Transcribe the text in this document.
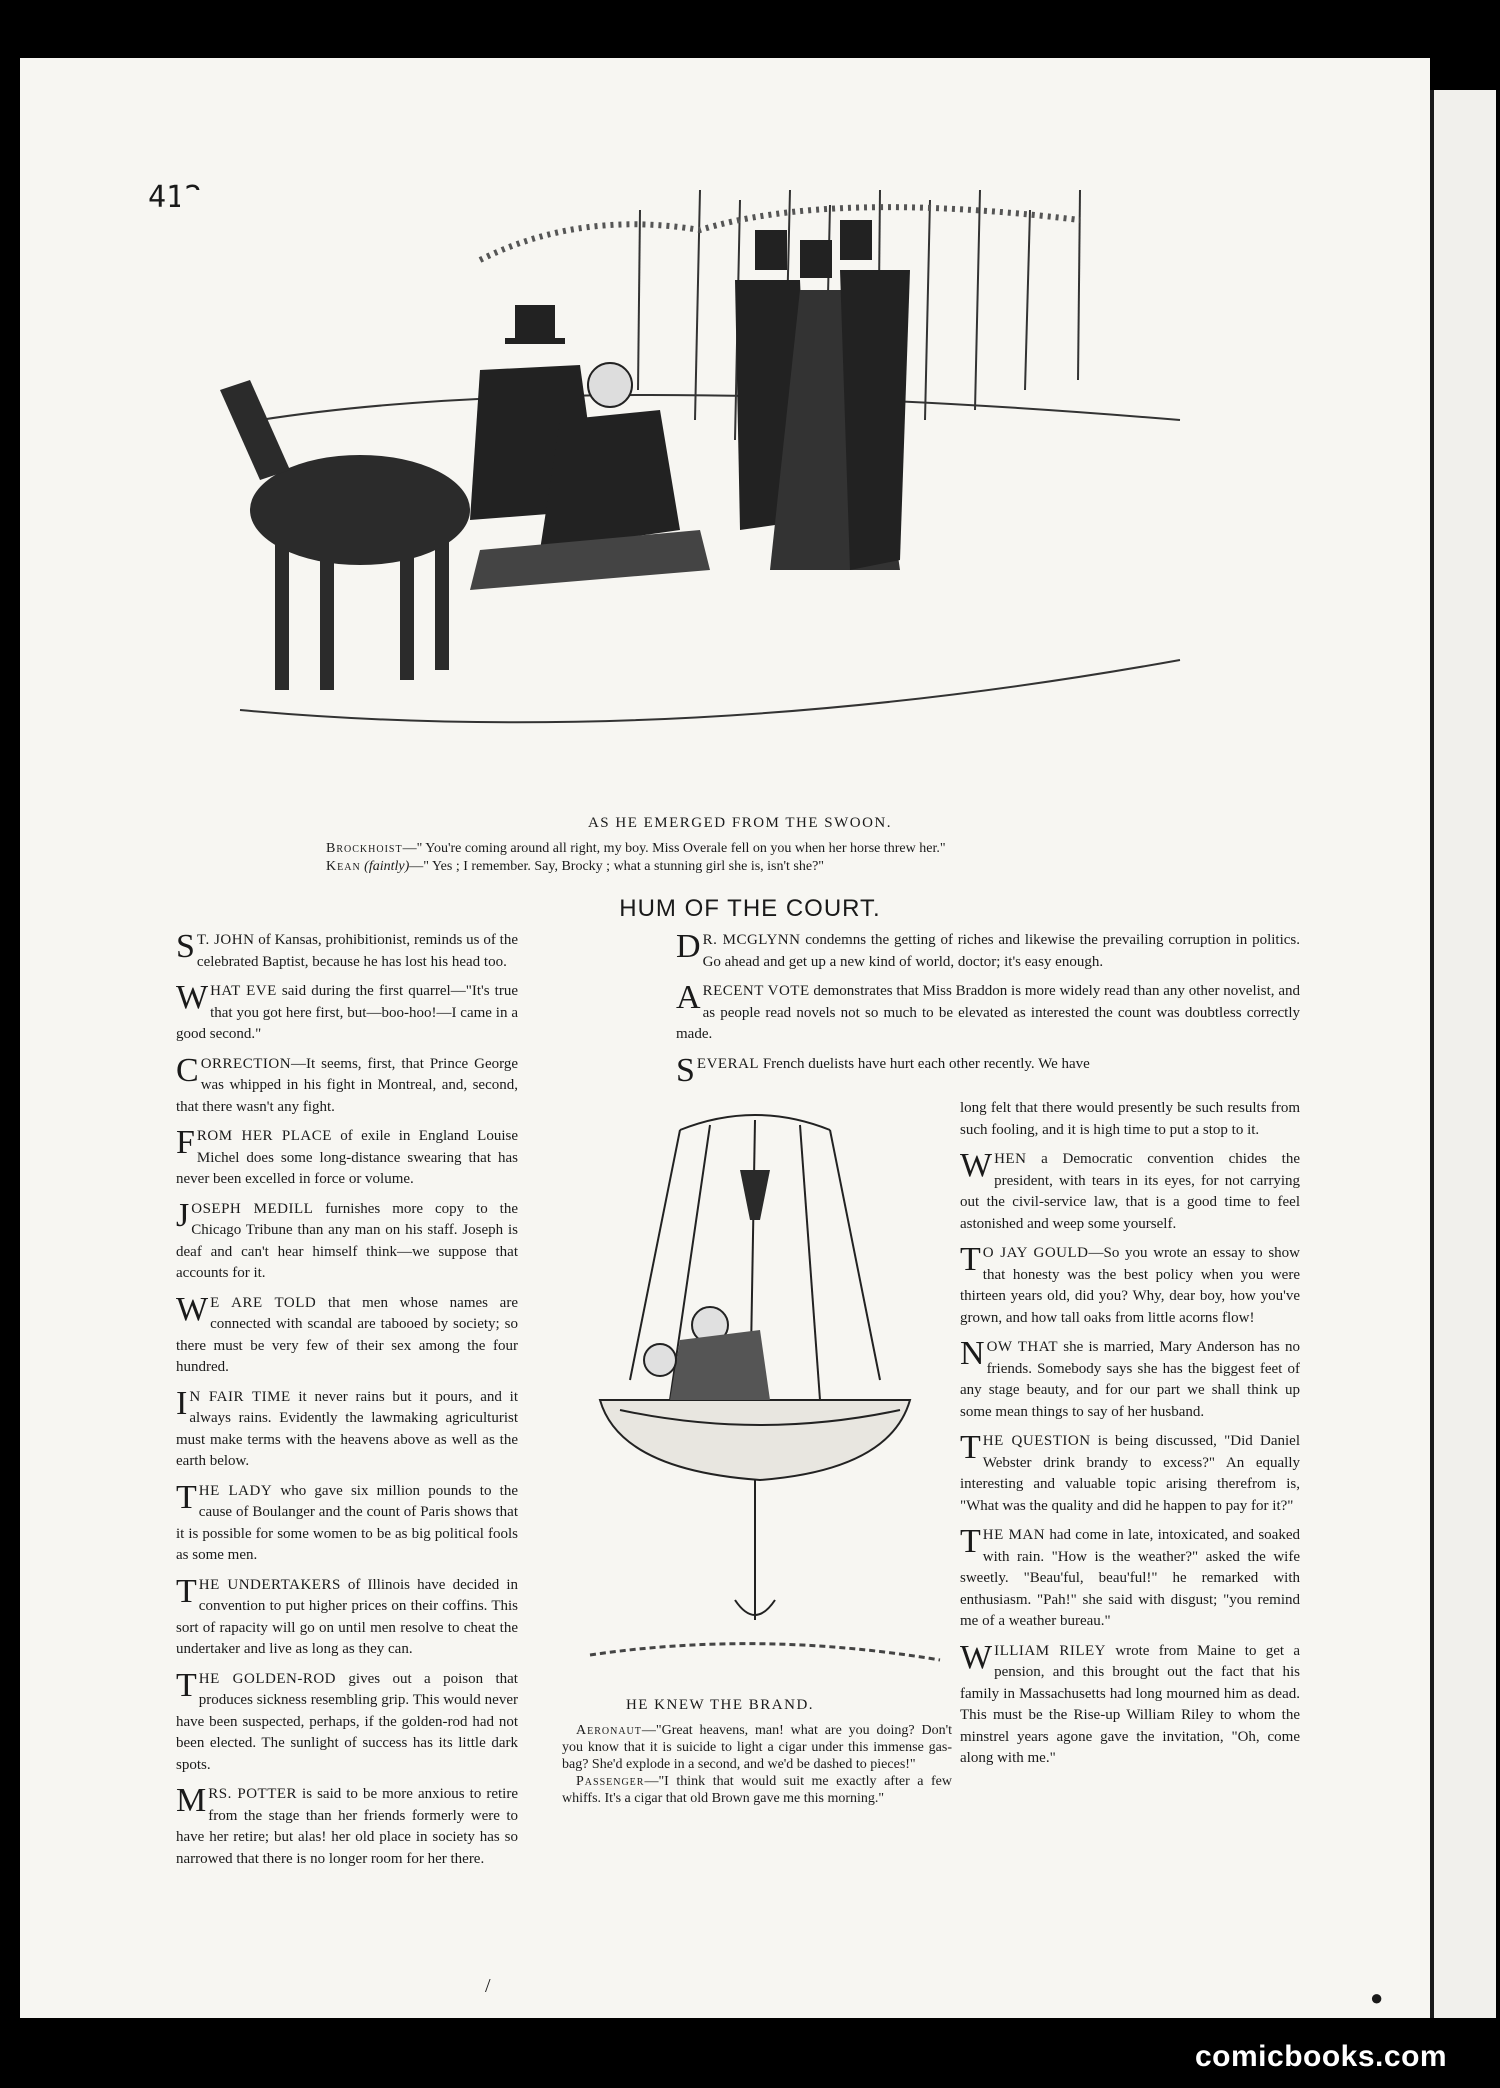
412
AS HE EMERGED FROM THE SWOON.
Brockhoist—" You're coming around all right, my boy. Miss Overale fell on you when her horse threw her."
Kean (faintly)—" Yes ; I remember. Say, Brocky ; what a stunning girl she is, isn't she?"
HUM OF THE COURT.

ST. JOHN of Kansas, prohibitionist, reminds us of the celebrated Baptist, because he has lost his head too.

WHAT EVE said during the first quarrel—"It's true that you got here first, but—boo-hoo!—I came in a good second."

CORRECTION—It seems, first, that Prince George was whipped in his fight in Montreal, and, second, that there wasn't any fight.

FROM HER PLACE of exile in England Louise Michel does some long-distance swearing that has never been excelled in force or volume.

JOSEPH MEDILL furnishes more copy to the Chicago Tribune than any man on his staff. Joseph is deaf and can't hear himself think—we suppose that accounts for it.

WE ARE TOLD that men whose names are connected with scandal are tabooed by society; so there must be very few of their sex among the four hundred.

IN FAIR TIME it never rains but it pours, and it always rains. Evidently the lawmaking agriculturist must make terms with the heavens above as well as the earth below.

THE LADY who gave six million pounds to the cause of Boulanger and the count of Paris shows that it is possible for some women to be as big political fools as some men.

THE UNDERTAKERS of Illinois have decided in convention to put higher prices on their coffins. This sort of rapacity will go on until men resolve to cheat the undertaker and live as long as they can.

THE GOLDEN-ROD gives out a poison that produces sickness resembling grip. This would never have been suspected, perhaps, if the golden-rod had not been elected. The sunlight of success has its little dark spots.

MRS. POTTER is said to be more anxious to retire from the stage than her friends formerly were to have her retire; but alas! her old place in society has so narrowed that there is no longer room for her there.

DR. MCGLYNN condemns the getting of riches and likewise the prevailing corruption in politics. Go ahead and get up a new kind of world, doctor; it's easy enough.

A RECENT VOTE demonstrates that Miss Braddon is more widely read than any other novelist, and as people read novels not so much to be elevated as interested the count was doubtless correctly made.

SEVERAL French duelists have hurt each other recently. We have

long felt that there would presently be such results from such fooling, and it is high time to put a stop to it.

WHEN a Democratic convention chides the president, with tears in its eyes, for not carrying out the civil-service law, that is a good time to feel astonished and weep some yourself.

TO JAY GOULD—So you wrote an essay to show that honesty was the best policy when you were thirteen years old, did you? Why, dear boy, how you've grown, and how tall oaks from little acorns flow!

NOW THAT she is married, Mary Anderson has no friends. Somebody says she has the biggest feet of any stage beauty, and for our part we shall think up some mean things to say of her husband.

THE QUESTION is being discussed, "Did Daniel Webster drink brandy to excess?" An equally interesting and valuable topic arising therefrom is, "What was the quality and did he happen to pay for it?"

THE MAN had come in late, intoxicated, and soaked with rain. "How is the weather?" asked the wife sweetly. "Beau'ful, beau'ful!" he remarked with enthusiasm. "Pah!" she said with disgust; "you remind me of a weather bureau."

WILLIAM RILEY wrote from Maine to get a pension, and this brought out the fact that his family in Massachusetts had long mourned him as dead. This must be the Rise-up William Riley to whom the minstrel years agone gave the invitation, "Oh, come along with me."

HE KNEW THE BRAND.
Aeronaut—"Great heavens, man! what are you doing? Don't you know that it is suicide to light a cigar under this immense gas-bag? She'd explode in a second, and we'd be dashed to pieces!"
Passenger—"I think that would suit me exactly after a few whiffs. It's a cigar that old Brown gave me this morning."
/	●
comicbooks.com
